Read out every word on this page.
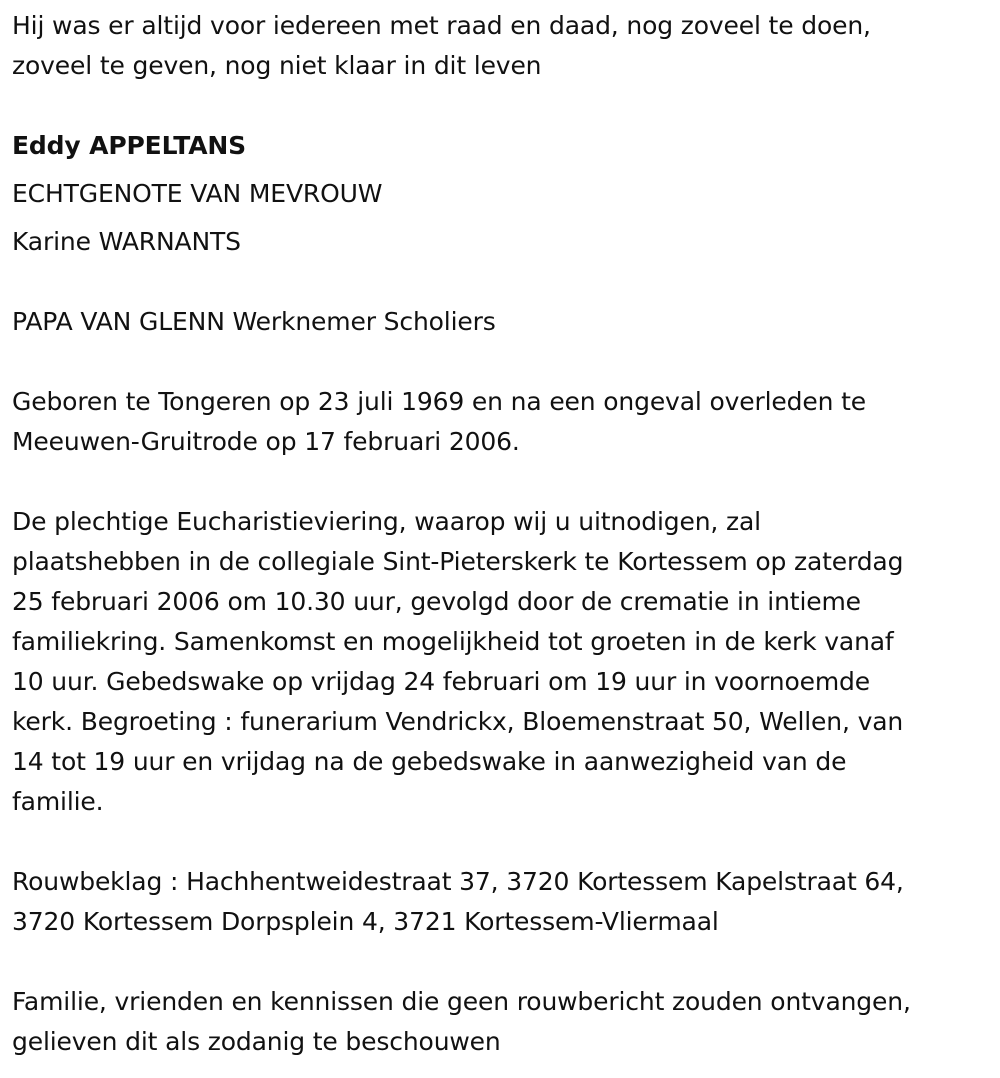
Hij was er altijd voor iedereen met raad en daad, nog zoveel te doen,
zoveel te geven, nog niet klaar in dit leven

Eddy APPELTANS
ECHTGENOTE VAN MEVROUW
Karine WARNANTS

PAPA VAN GLENN Werknemer Scholiers

Geboren te Tongeren op 23 juli 1969 en na een ongeval overleden te
Meeuwen-Gruitrode op 17 februari 2006.

De plechtige Eucharistieviering, waarop wij u uitnodigen, zal
plaatshebben in de collegiale Sint-Pieterskerk te Kortessem op zaterdag
25 februari 2006 om 10.30 uur, gevolgd door de crematie in intieme
familiekring. Samenkomst en mogelijkheid tot groeten in de kerk vanaf
10 uur. Gebedswake op vrijdag 24 februari om 19 uur in voornoemde
kerk. Begroeting : funerarium Vendrickx, Bloemenstraat 50, Wellen, van
14 tot 19 uur en vrijdag na de gebedswake in aanwezigheid van de
familie.

Rouwbeklag : Hachhentweidestraat 37, 3720 Kortessem Kapelstraat 64,
3720 Kortessem Dorpsplein 4, 3721 Kortessem-Vliermaal

Familie, vrienden en kennissen die geen rouwbericht zouden ontvangen,
gelieven dit als zodanig te beschouwen
